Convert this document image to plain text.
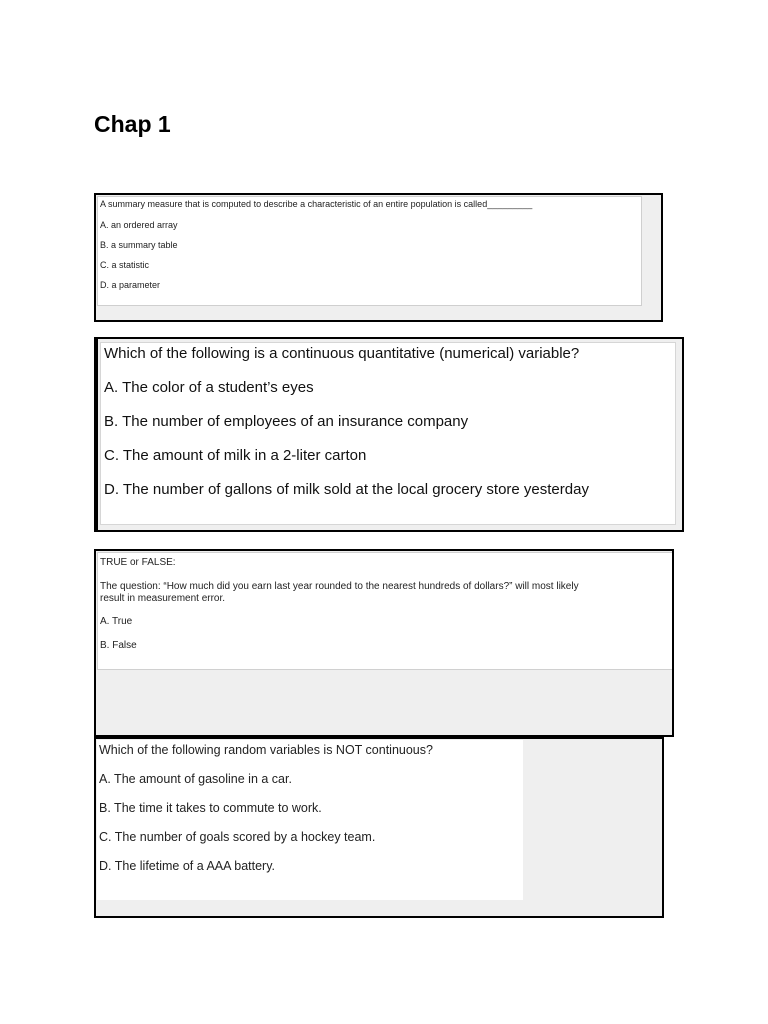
Chap 1
A summary measure that is computed to describe a characteristic of an entire population is called_________
A. an ordered array
B. a summary table
C. a statistic
D. a parameter
Which of the following is a continuous quantitative (numerical) variable?
A. The color of a student’s eyes
B. The number of employees of an insurance company
C. The amount of milk in a 2-liter carton
D. The number of gallons of milk sold at the local grocery store yesterday
TRUE or FALSE:
The question: “How much did you earn last year rounded to the nearest hundreds of dollars?” will most likely
result in measurement error.
A. True
B. False
Which of the following random variables is NOT continuous?
A. The amount of gasoline in a car.
B. The time it takes to commute to work.
C. The number of goals scored by a hockey team.
D. The lifetime of a AAA battery.
